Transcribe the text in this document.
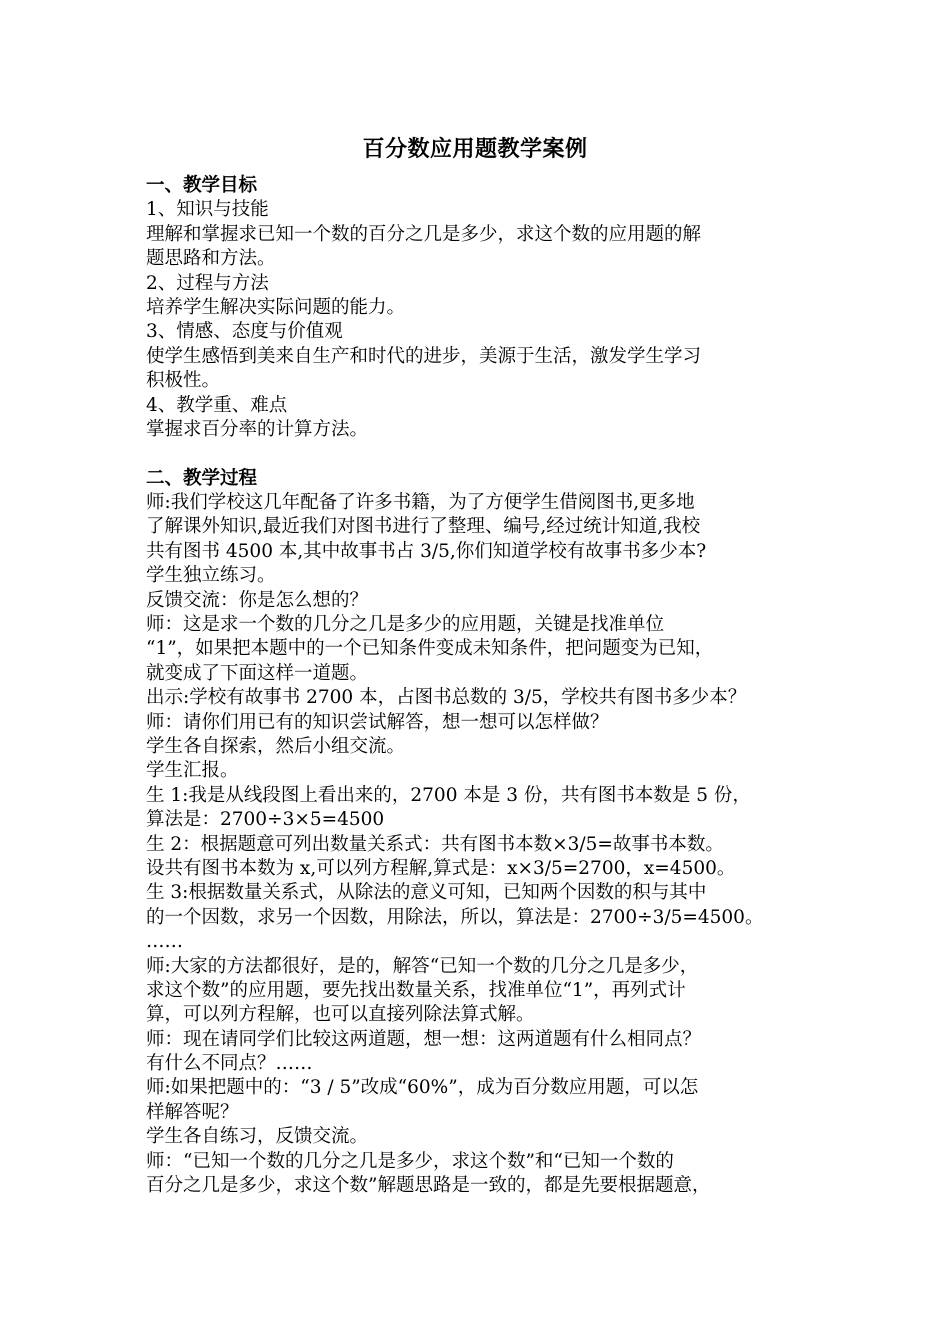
百分数应用题教学案例
一、教学目标
1、知识与技能
理解和掌握求已知一个数的百分之几是多少，求这个数的应用题的解
题思路和方法。
2、过程与方法
培养学生解决实际问题的能力。
3、情感、态度与价值观
使学生感悟到美来自生产和时代的进步，美源于生活，激发学生学习
积极性。
4、教学重、难点
掌握求百分率的计算方法。
二、教学过程
师:我们学校这几年配备了许多书籍，为了方便学生借阅图书,更多地
了解课外知识,最近我们对图书进行了整理、编号,经过统计知道,我校
共有图书 4500 本,其中故事书占 3/5,你们知道学校有故事书多少本?
学生独立练习。
反馈交流：你是怎么想的？
师：这是求一个数的几分之几是多少的应用题，关键是找准单位
“1”，如果把本题中的一个已知条件变成未知条件，把问题变为已知，
就变成了下面这样一道题。
出示:学校有故事书 2700 本，占图书总数的 3/5，学校共有图书多少本？
师：请你们用已有的知识尝试解答，想一想可以怎样做？
学生各自探索，然后小组交流。
学生汇报。
生 1:我是从线段图上看出来的，2700 本是 3 份，共有图书本数是 5 份，
算法是：2700÷3×5=4500
生 2：根据题意可列出数量关系式：共有图书本数×3/5=故事书本数。
设共有图书本数为 x,可以列方程解,算式是：x×3/5=2700，x=4500。
生 3:根据数量关系式，从除法的意义可知，已知两个因数的积与其中
的一个因数，求另一个因数，用除法，所以，算法是：2700÷3/5=4500。
……
师:大家的方法都很好，是的，解答“已知一个数的几分之几是多少，
求这个数”的应用题，要先找出数量关系，找准单位“1”，再列式计
算，可以列方程解，也可以直接列除法算式解。
师：现在请同学们比较这两道题，想一想：这两道题有什么相同点？
有什么不同点？……
师:如果把题中的：“3 / 5”改成“60%”，成为百分数应用题，可以怎
样解答呢？
学生各自练习，反馈交流。
师：“已知一个数的几分之几是多少，求这个数”和“已知一个数的
百分之几是多少，求这个数”解题思路是一致的，都是先要根据题意，
